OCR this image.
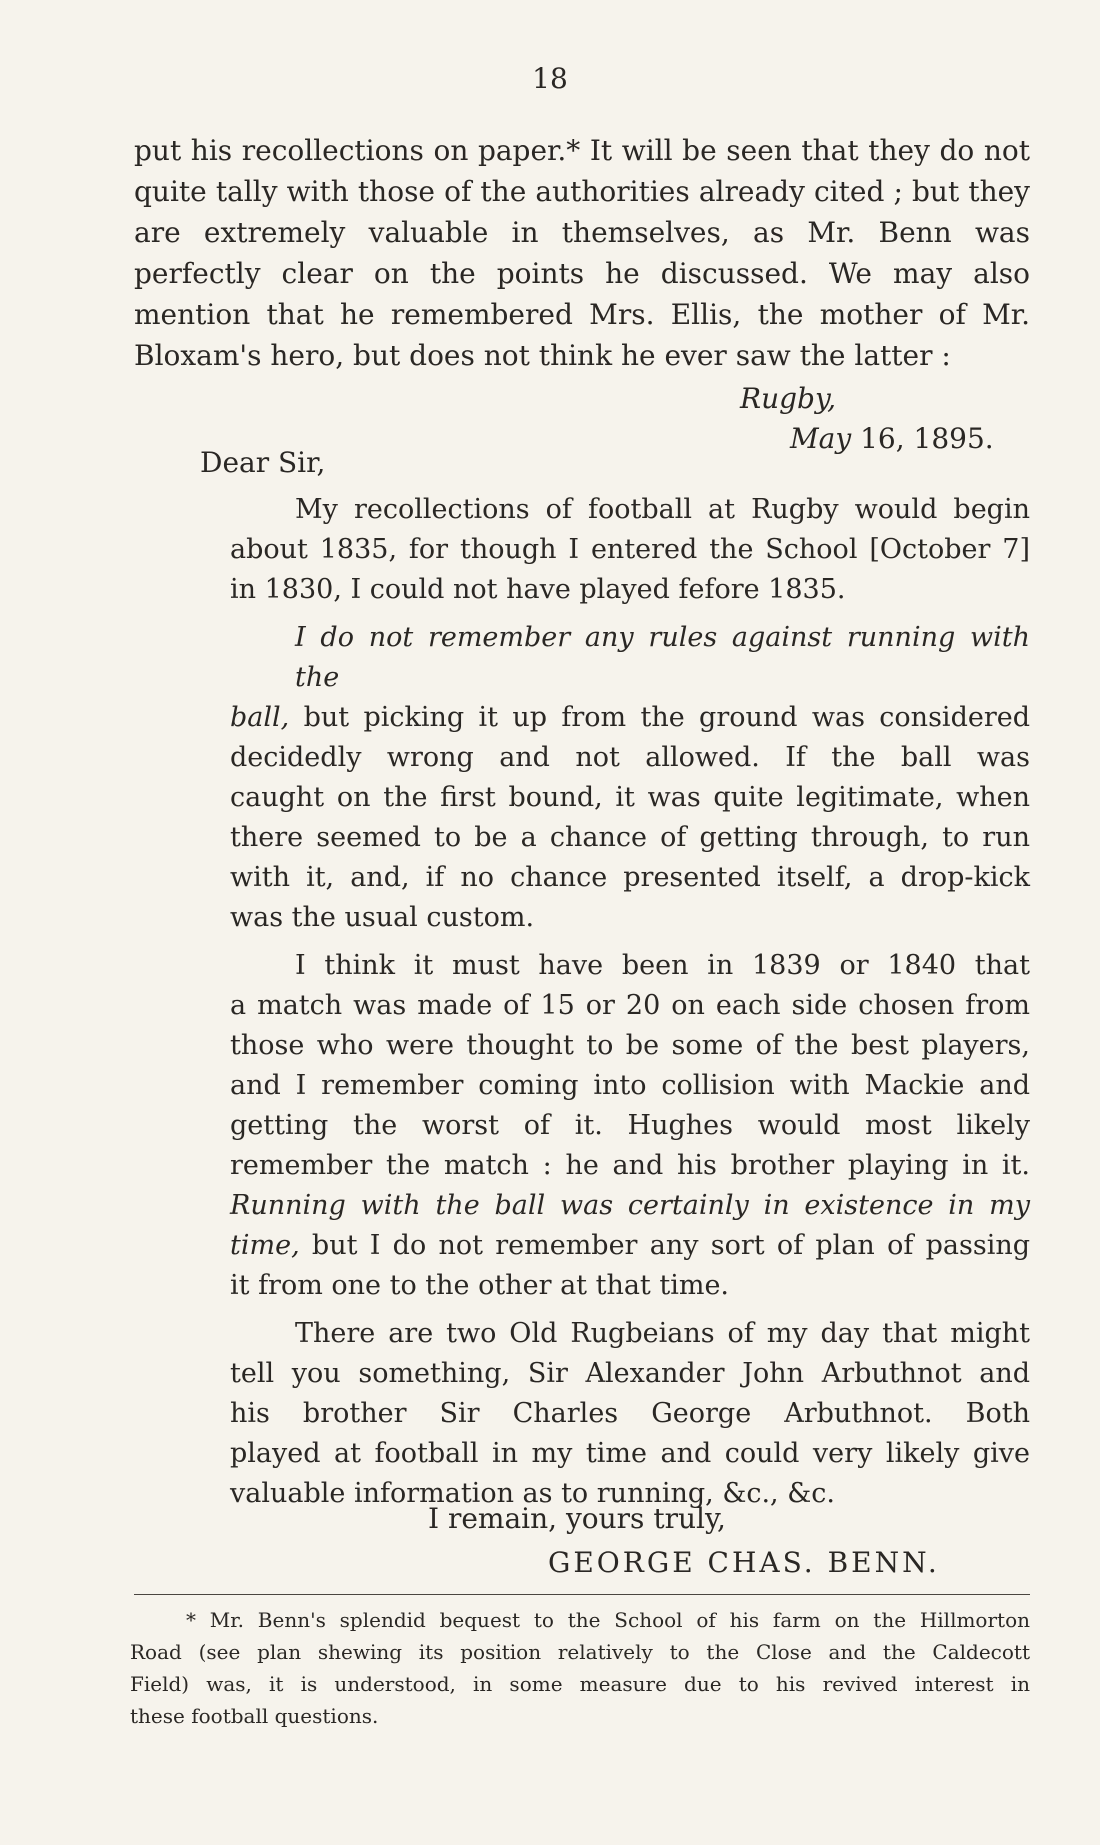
18
put his recollections on paper.* It will be seen that they do not
quite tally with those of the authorities already cited ; but they
are extremely valuable in themselves, as Mr. Benn was
perfectly clear on the points he discussed. We may also
mention that he remembered Mrs. Ellis, the mother of Mr.
Bloxam's hero, but does not think he ever saw the latter :
Rugby,
May 16, 1895.
Dear Sir,
My recollections of football at Rugby would begin
about 1835, for though I entered the School [October 7]
in 1830, I could not have played fefore 1835.
I do not remember any rules against running with the
ball, but picking it up from the ground was considered
decidedly wrong and not allowed. If the ball was
caught on the first bound, it was quite legitimate, when
there seemed to be a chance of getting through, to run
with it, and, if no chance presented itself, a drop-kick
was the usual custom.
I think it must have been in 1839 or 1840 that
a match was made of 15 or 20 on each side chosen from
those who were thought to be some of the best players,
and I remember coming into collision with Mackie and
getting the worst of it. Hughes would most likely
remember the match : he and his brother playing in it.
Running with the ball was certainly in existence in my
time, but I do not remember any sort of plan of passing
it from one to the other at that time.
There are two Old Rugbeians of my day that might
tell you something, Sir Alexander John Arbuthnot and
his brother Sir Charles George Arbuthnot. Both
played at football in my time and could very likely give
valuable information as to running, &c., &c.
I remain, yours truly,
GEORGE CHAS. BENN.
* Mr. Benn's splendid bequest to the School of his farm on the Hillmorton
Road (see plan shewing its position relatively to the Close and the Caldecott
Field) was, it is understood, in some measure due to his revived interest in
these football questions.
